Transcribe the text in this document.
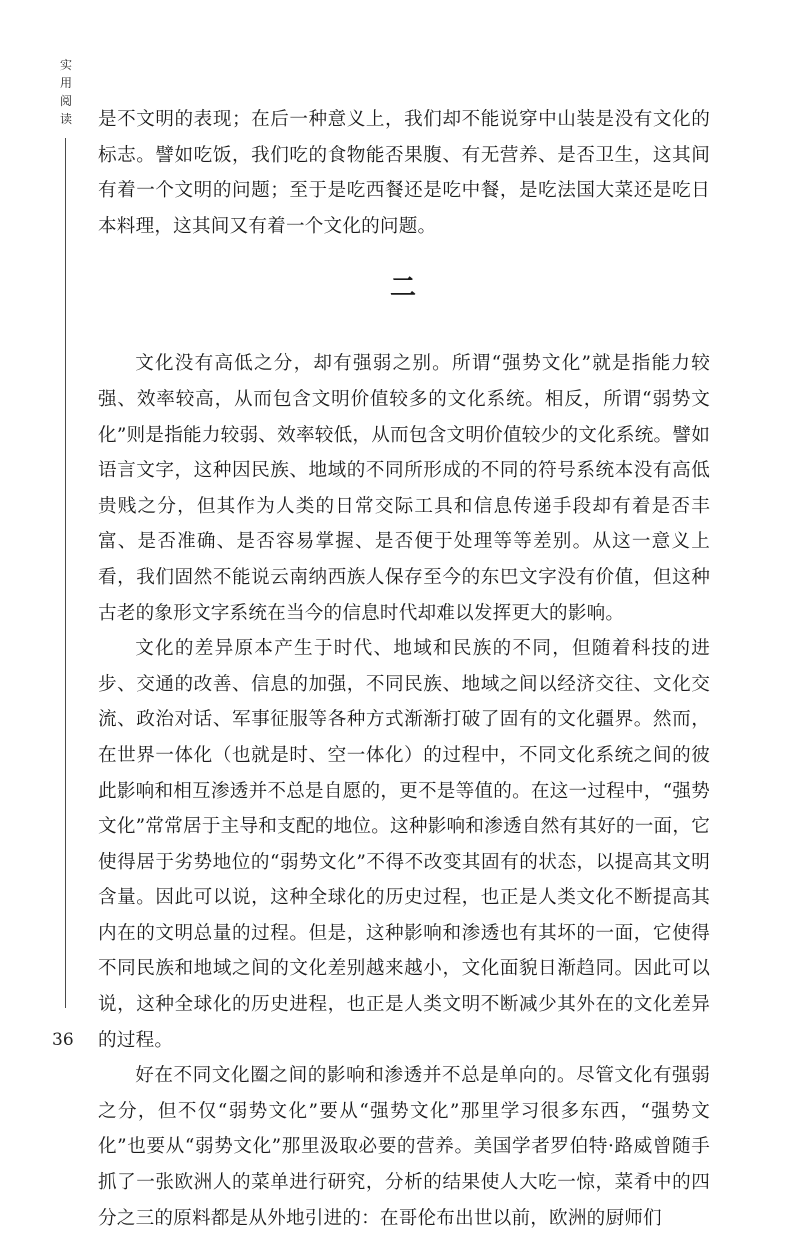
实
用
阅
读 是不文明的表现；在后一种意义上，我们却不能说穿中山装是没有文化的标志。譬如吃饭，我们吃的食物能否果腹、有无营养、是否卫生，这其间有着一个文明的问题；至于是吃西餐还是吃中餐，是吃法国大菜还是吃日本料理，这其间又有着一个文化的问题。

二

文化没有高低之分，却有强弱之别。所谓“强势文化”就是指能力较强、效率较高，从而包含文明价值较多的文化系统。相反，所谓“弱势文化”则是指能力较弱、效率较低，从而包含文明价值较少的文化系统。譬如语言文字，这种因民族、地域的不同所形成的不同的符号系统本没有高低贵贱之分，但其作为人类的日常交际工具和信息传递手段却有着是否丰富、是否准确、是否容易掌握、是否便于处理等等差别。从这一意义上看，我们固然不能说云南纳西族人保存至今的东巴文字没有价值，但这种古老的象形文字系统在当今的信息时代却难以发挥更大的影响。

文化的差异原本产生于时代、地域和民族的不同，但随着科技的进步、交通的改善、信息的加强，不同民族、地域之间以经济交往、文化交流、政治对话、军事征服等各种方式渐渐打破了固有的文化疆界。然而，在世界一体化（也就是时、空一体化）的过程中，不同文化系统之间的彼此影响和相互渗透并不总是自愿的，更不是等值的。在这一过程中，“强势文化”常常居于主导和支配的地位。这种影响和渗透自然有其好的一面，它使得居于劣势地位的“弱势文化”不得不改变其固有的状态，以提高其文明含量。因此可以说，这种全球化的历史过程，也正是人类文化不断提高其内在的文明总量的过程。但是，这种影响和渗透也有其坏的一面，它使得不同民族和地域之间的文化差别越来越小，文化面貌日渐趋同。因此可以说，这种全球化的历史进程，也正是人类文明不断减少其外在的文化差异的过程。

好在不同文化圈之间的影响和渗透并不总是单向的。尽管文化有强弱之分，但不仅“弱势文化”要从“强势文化”那里学习很多东西，“强势文化”也要从“弱势文化”那里汲取必要的营养。美国学者罗伯特·路威曾随手抓了一张欧洲人的菜单进行研究，分析的结果使人大吃一惊，菜肴中的四分之三的原料都是从外地引进的：在哥伦布出世以前，欧洲的厨师们

36
